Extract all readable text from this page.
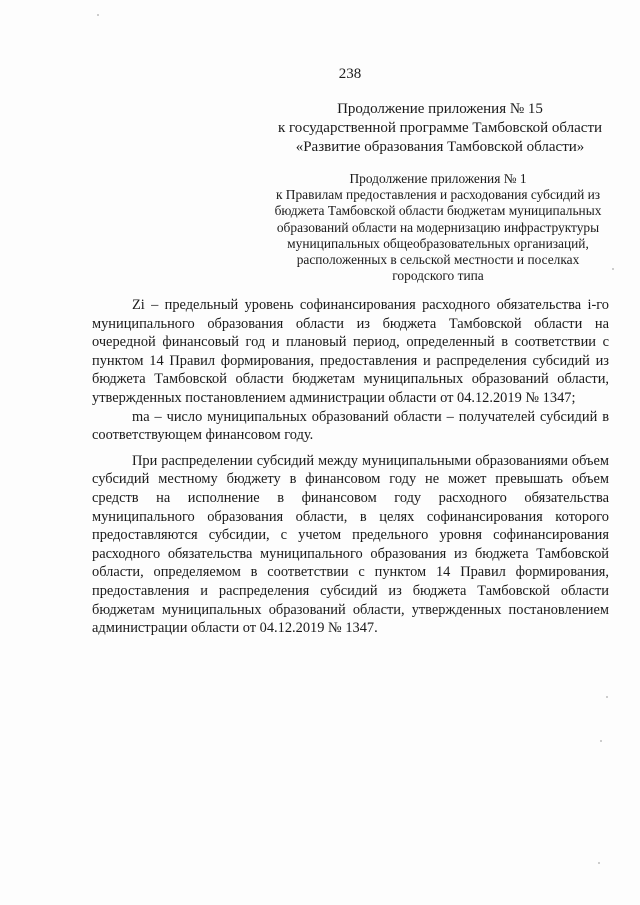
238
Продолжение приложения № 15
к государственной программе Тамбовской области
«Развитие образования Тамбовской области»
Продолжение приложения № 1
к Правилам предоставления и расходования субсидий из
бюджета Тамбовской области бюджетам муниципальных
образований области на модернизацию инфраструктуры
муниципальных общеобразовательных организаций,
расположенных в сельской местности и поселках
городского типа

Zi – предельный уровень софинансирования расходного обязательства i-го муниципального образования области из бюджета Тамбовской области на очередной финансовый год и плановый период, определенный в соответствии с пунктом 14 Правил формирования, предоставления и распределения субсидий из бюджета Тамбовской области бюджетам муниципальных образований области, утвержденных постановлением администрации области от 04.12.2019 № 1347;

ma – число муниципальных образований области – получателей субсидий в соответствующем финансовом году.

При распределении субсидий между муниципальными образованиями объем субсидий местному бюджету в финансовом году не может превышать объем средств на исполнение в финансовом году расходного обязательства муниципального образования области, в целях софинансирования которого предоставляются субсидии, с учетом предельного уровня софинансирования расходного обязательства муниципального образования из бюджета Тамбовской области, определяемом в соответствии с пунктом 14 Правил формирования, предоставления и распределения субсидий из бюджета Тамбовской области бюджетам муниципальных образований области, утвержденных постановлением администрации области от 04.12.2019 № 1347.
